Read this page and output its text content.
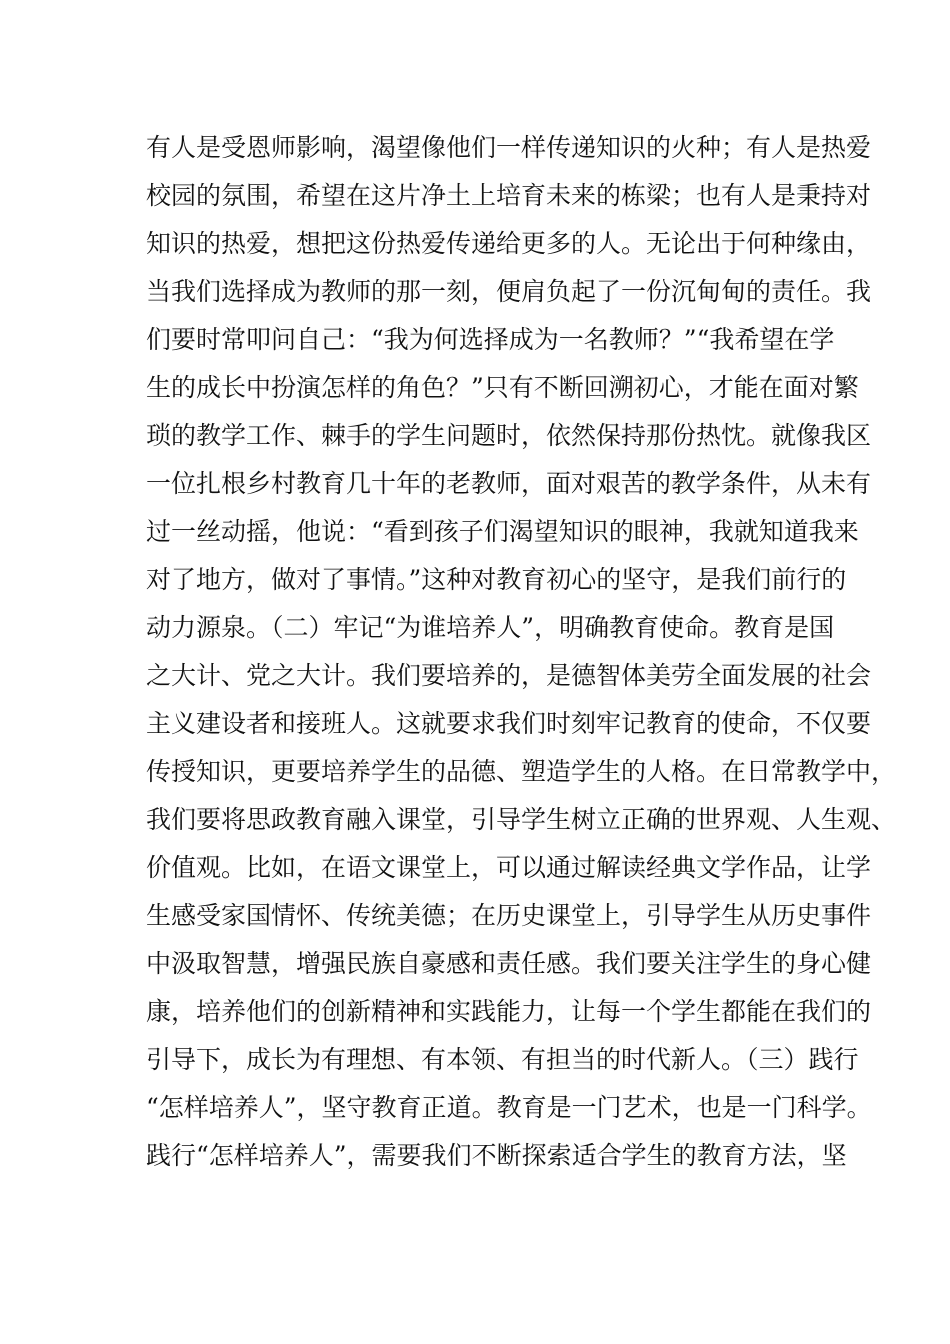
有人是受恩师影响，渴望像他们一样传递知识的火种；有人是热爱
校园的氛围，希望在这片净土上培育未来的栋梁；也有人是秉持对
知识的热爱，想把这份热爱传递给更多的人。无论出于何种缘由，
当我们选择成为教师的那一刻，便肩负起了一份沉甸甸的责任。我
们要时常叩问自己：“我为何选择成为一名教师？”“我希望在学
生的成长中扮演怎样的角色？”只有不断回溯初心，才能在面对繁
琐的教学工作、棘手的学生问题时，依然保持那份热忱。就像我区
一位扎根乡村教育几十年的老教师，面对艰苦的教学条件，从未有
过一丝动摇，他说：“看到孩子们渴望知识的眼神，我就知道我来
对了地方，做对了事情。”这种对教育初心的坚守，是我们前行的
动力源泉。（二）牢记“为谁培养人”，明确教育使命。教育是国
之大计、党之大计。我们要培养的，是德智体美劳全面发展的社会
主义建设者和接班人。这就要求我们时刻牢记教育的使命，不仅要
传授知识，更要培养学生的品德、塑造学生的人格。在日常教学中，
我们要将思政教育融入课堂，引导学生树立正确的世界观、人生观、
价值观。比如，在语文课堂上，可以通过解读经典文学作品，让学
生感受家国情怀、传统美德；在历史课堂上，引导学生从历史事件
中汲取智慧，增强民族自豪感和责任感。我们要关注学生的身心健
康，培养他们的创新精神和实践能力，让每一个学生都能在我们的
引导下，成长为有理想、有本领、有担当的时代新人。（三）践行
“怎样培养人”，坚守教育正道。教育是一门艺术，也是一门科学。
践行“怎样培养人”，需要我们不断探索适合学生的教育方法，坚
